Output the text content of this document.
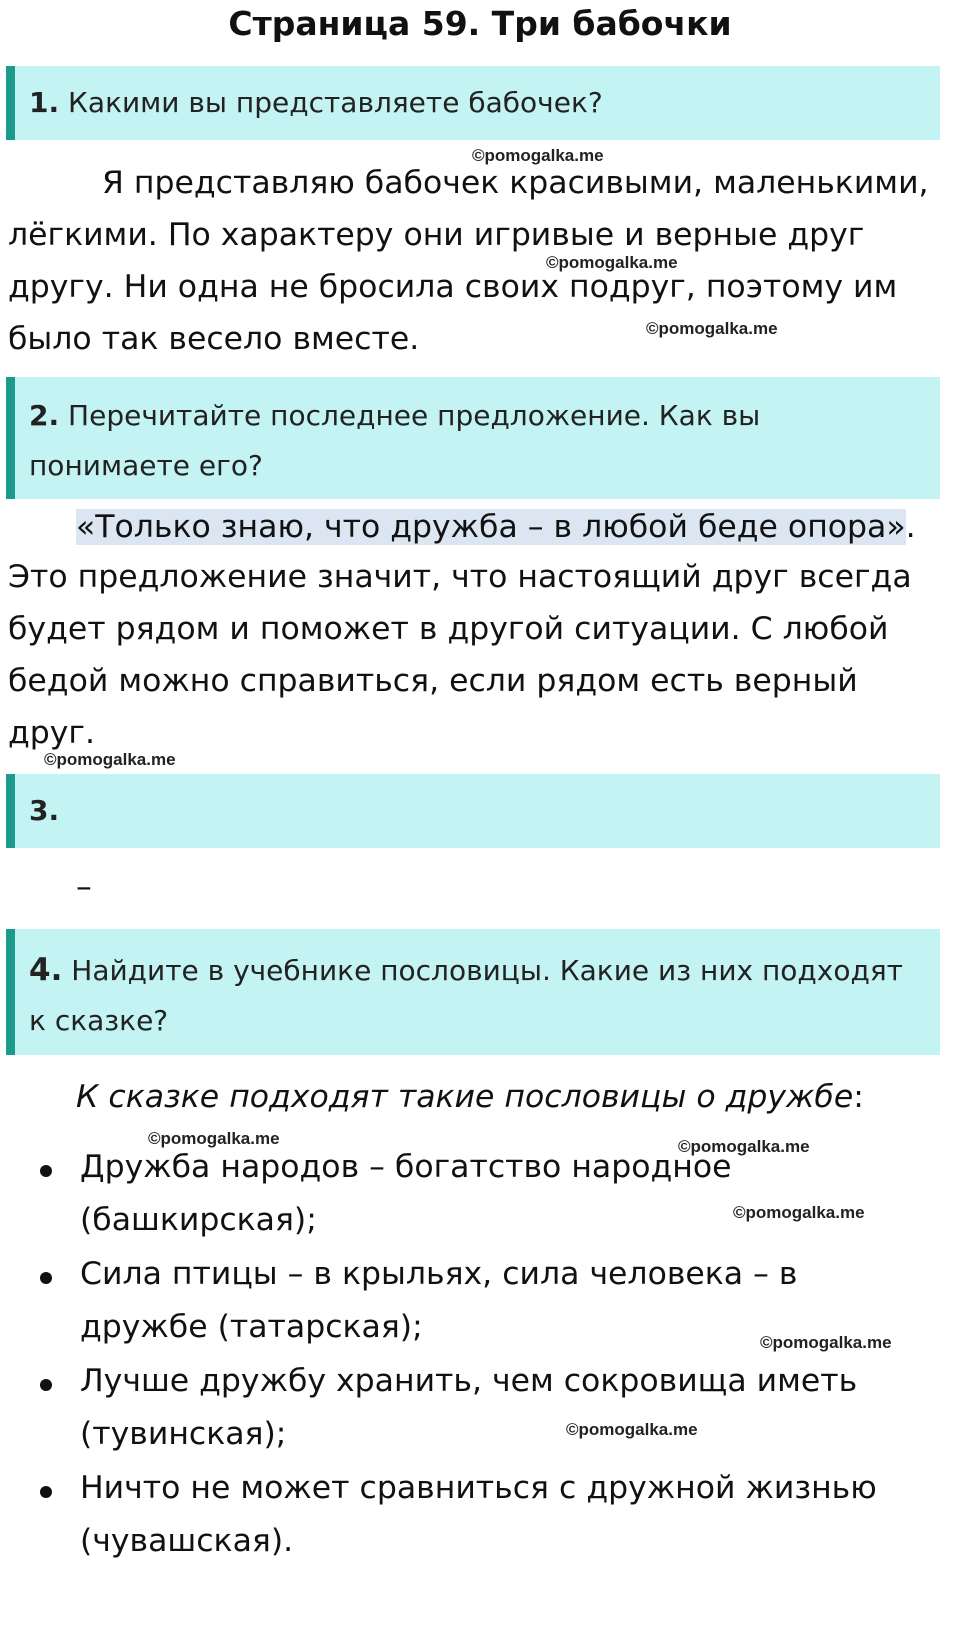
Страница 59. Три бабочки
1. Какими вы представляете бабочек?
©pomogalka.me
Я представляю бабочек красивыми, маленькими,
лёгкими. По характеру они игривые и верные друг
©pomogalka.me
другу. Ни одна не бросила своих подруг, поэтому им
©pomogalka.me
было так весело вместе.
2. Перечитайте последнее предложение. Как вы
понимаете его?
«Только знаю, что дружба – в любой беде опора».
Это предложение значит, что настоящий друг всегда
будет рядом и поможет в другой ситуации. С любой
бедой можно справиться, если рядом есть верный
друг.
©pomogalka.me
3.
–
4. Найдите в учебнике пословицы. Какие из них подходят
к сказке?
К сказке подходят такие пословицы о дружбе:
©pomogalka.me	©pomogalka.me
Дружба народов – богатство народное
©pomogalka.me
(башкирская);
Сила птицы – в крыльях, сила человека – в
дружбе (татарская);	©pomogalka.me
Лучше дружбу хранить, чем сокровища иметь
(тувинская);	©pomogalka.me
Ничто не может сравниться с дружной жизнью
(чувашская).
